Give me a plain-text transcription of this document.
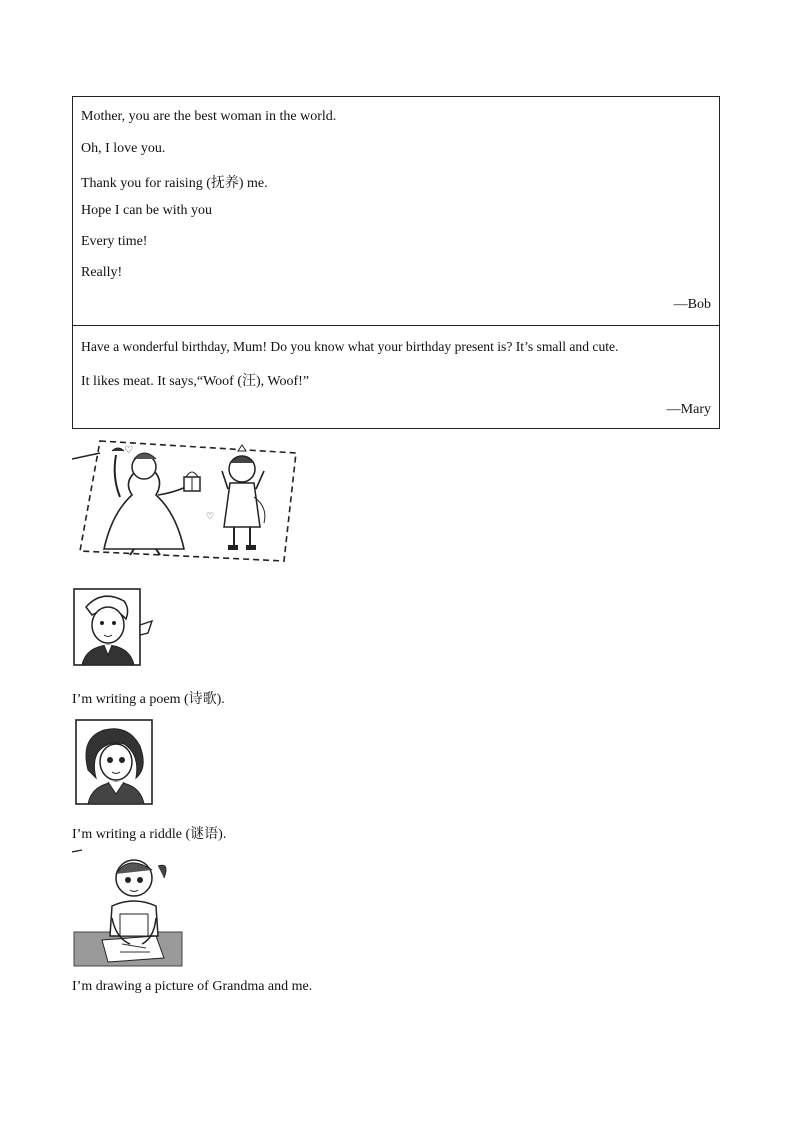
Mother, you are the best woman in the world.
Oh, I love you.
Thank you for raising (抚养) me.
Hope I can be with you
Every time!
Really!
—Bob
Have a wonderful birthday, Mum! Do you know what your birthday present is? It’s small and cute.
It likes meat. It says,“Woof (汪), Woof!”
—Mary
♡
♡
I’m writing a poem (诗歌).
I’m writing a riddle (谜语).
I’m drawing a picture of Grandma and me.
